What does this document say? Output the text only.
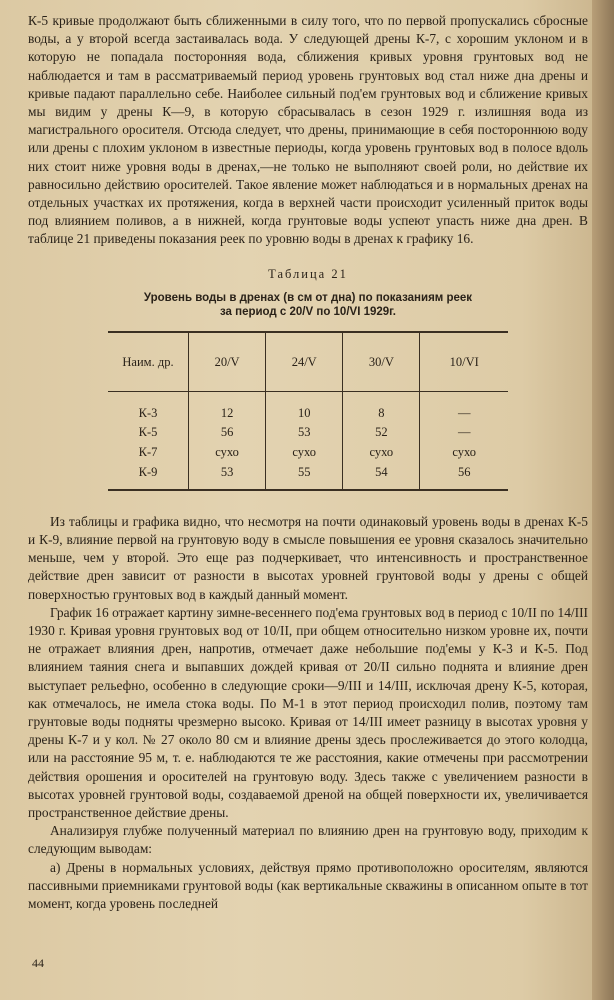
К-5 кривые продолжают быть сближенными в силу того, что по первой пропускались сбросные воды, а у второй всегда застаивалась вода. У следующей дрены К-7, с хорошим уклоном и в которую не попадала посторонняя вода, сближения кривых уровня грунтовых вод не наблюдается и там в рассматриваемый период уровень грунтовых вод стал ниже дна дрены и кривые падают параллельно себе. Наиболее сильный под'ем грунтовых вод и сближение кривых мы видим у дрены К—9, в которую сбрасывалась в сезон 1929 г. излишняя вода из магистрального оросителя. Отсюда следует, что дрены, принимающие в себя постороннюю воду или дрены с плохим уклоном в известные периоды, когда уровень грунтовых вод в полосе вдоль них стоит ниже уровня воды в дренах,—не только не выполняют своей роли, но действие их равносильно действию оросителей. Такое явление может наблюдаться и в нормальных дренах на отдельных участках их протяжения, когда в верхней части происходит усиленный приток воды под влиянием поливов, а в нижней, когда грунтовые воды успеют упасть ниже дна дрен. В таблице 21 приведены показания реек по уровню воды в дренах к графику 16.

Таблица 21
Уровень воды в дренах (в см от дна) по показаниям реек
за период с 20/V по 10/VI 1929г.
Наим. др.	20/V	24/V	30/V	10/VI
К-3	12	10	8	—
К-5	56	53	52	—
К-7	сухо	сухо	сухо	сухо
К-9	53	55	54	56

Из таблицы и графика видно, что несмотря на почти одинаковый уровень воды в дренах К-5 и К-9, влияние первой на грунтовую воду в смысле повышения ее уровня сказалось значительно меньше, чем у второй. Это еще раз подчеркивает, что интенсивность и пространственное действие дрен зависит от разности в высотах уровней грунтовой воды у дрены с общей поверхностью грунтовых вод в каждый данный момент.

График 16 отражает картину зимне-весеннего под'ема грунтовых вод в период с 10/II по 14/III 1930 г. Кривая уровня грунтовых вод от 10/II, при общем относительно низком уровне их, почти не отражает влияния дрен, напротив, отмечает даже небольшие под'емы у К-3 и К-5. Под влиянием таяния снега и выпавших дождей кривая от 20/II сильно поднята и влияние дрен выступает рельефно, особенно в следующие сроки—9/III и 14/III, исключая дрену К-5, которая, как отмечалось, не имела стока воды. По М-1 в этот период происходил полив, поэтому там грунтовые воды подняты чрезмерно высоко. Кривая от 14/III имеет разницу в высотах уровня у дрены К-7 и у кол. № 27 около 80 см и влияние дрены здесь прослеживается до этого колодца, или на расстояние 95 м, т. е. наблюдаются те же расстояния, какие отмечены при рассмотрении действия орошения и оросителей на грунтовую воду. Здесь также с увеличением разности в высотах уровней грунтовой воды, создаваемой дреной на общей поверхности их, увеличивается пространственное действие дрены.

Анализируя глубже полученный материал по влиянию дрен на грунтовую воду, приходим к следующим выводам:

а) Дрены в нормальных условиях, действуя прямо противоположно оросителям, являются пассивными приемниками грунтовой воды (как вертикальные скважины в описанном опыте в тот момент, когда уровень последней

44
